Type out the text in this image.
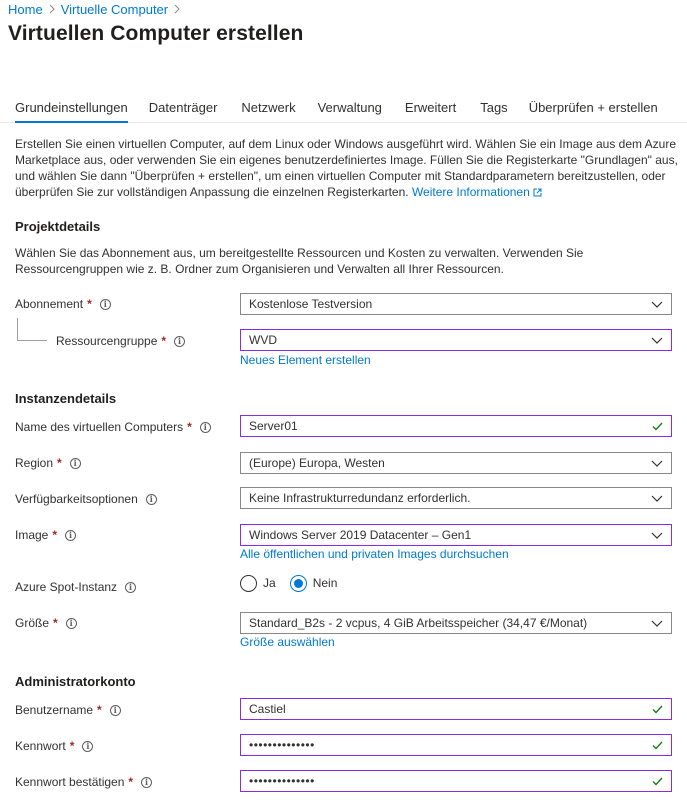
Home Virtuelle Computer
Virtuellen Computer erstellen
Grundeinstellungen Datenträger Netzwerk Verwaltung Erweitert Tags Überprüfen + erstellen
Erstellen Sie einen virtuellen Computer, auf dem Linux oder Windows ausgeführt wird. Wählen Sie ein Image aus dem Azure Marketplace aus, oder verwenden Sie ein eigenes benutzerdefiniertes Image. Füllen Sie die Registerkarte "Grundlagen" aus, und wählen Sie dann "Überprüfen + erstellen", um einen virtuellen Computer mit Standardparametern bereitzustellen, oder überprüfen Sie zur vollständigen Anpassung die einzelnen Registerkarten. Weitere Informationen
Projektdetails
Wählen Sie das Abonnement aus, um bereitgestellte Ressourcen und Kosten zu verwalten. Verwenden Sie Ressourcengruppen wie z. B. Ordner zum Organisieren und Verwalten all Ihrer Ressourcen.
Abonnement *	i	Kostenlose Testversion
Ressourcengruppe *	i	WVD
Neues Element erstellen
Instanzendetails
Name des virtuellen Computers *	i	Server01
Region *	i	(Europe) Europa, Westen
Verfügbarkeitsoptionen	i	Keine Infrastrukturredundanz erforderlich.
Image *	i	Windows Server 2019 Datacenter – Gen1
Alle öffentlichen und privaten Images durchsuchen
Azure Spot-Instanz	i	Ja	Nein
Größe *	i	Standard_B2s - 2 vcpus, 4 GiB Arbeitsspeicher (34,47 €/Monat)
Größe auswählen
Administratorkonto
Benutzername *	i	Castiel
Kennwort *	i	••••••••••••••
Kennwort bestätigen *	i	••••••••••••••
